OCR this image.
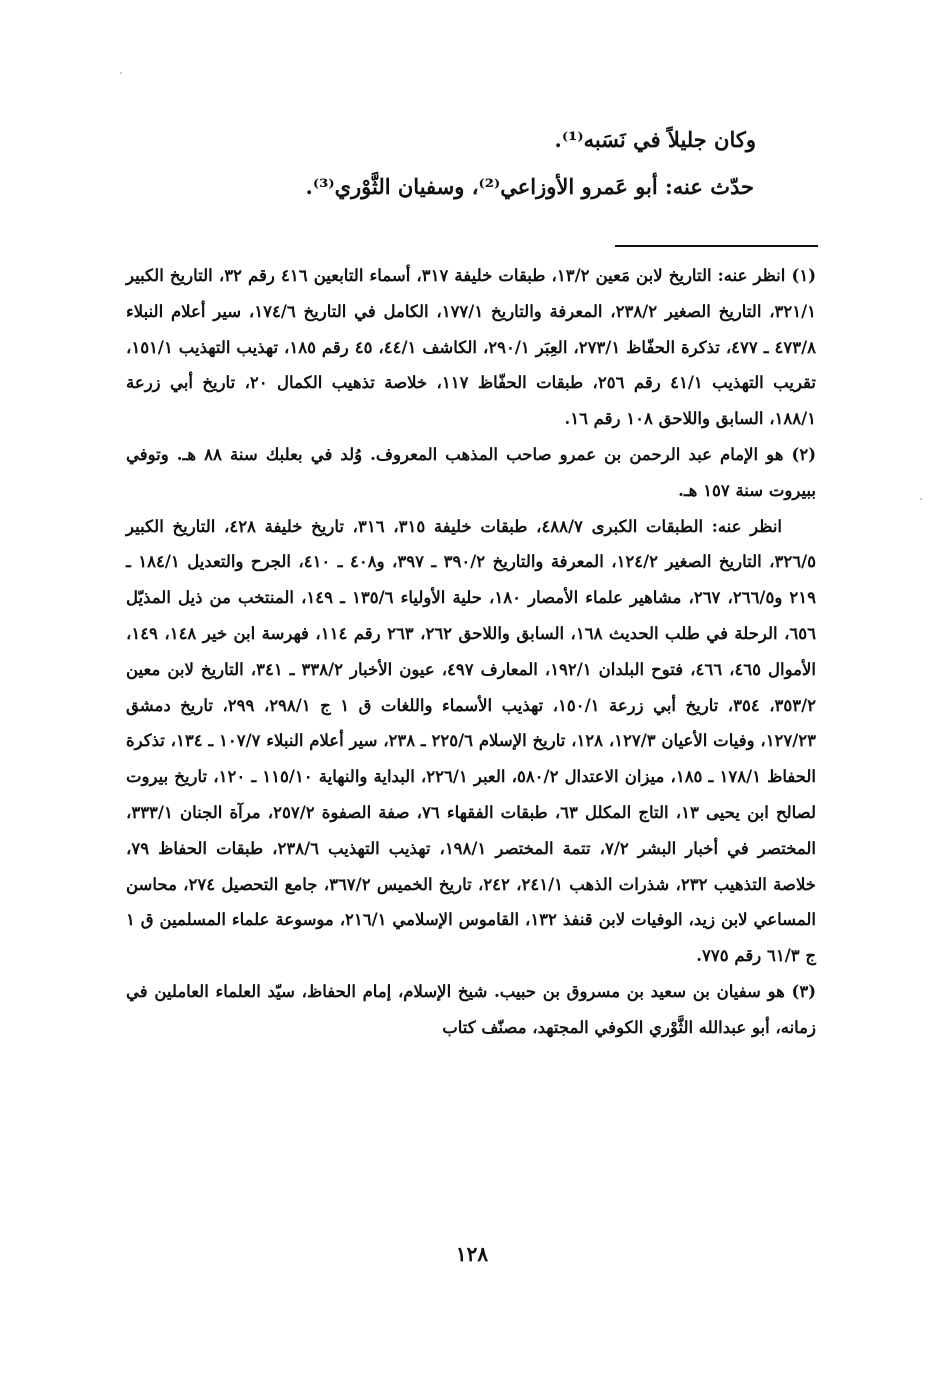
وكان جليلاً في نَسَبه⁽¹⁾.
حدّث عنه: أبو عَمرو الأوزاعي⁽²⁾، وسفيان الثَّوْري⁽³⁾.

(١) انظر عنه: التاريخ لابن مَعين ١٣/٢، طبقات خليفة ٣١٧، أسماء التابعين ٤١٦ رقم ٣٢، التاريخ الكبير ٣٢١/١، التاريخ الصغير ٢٣٨/٢، المعرفة والتاريخ ١٧٧/١، الكامل في التاريخ ١٧٤/٦، سير أعلام النبلاء ٤٧٣/٨ ـ ٤٧٧، تذكرة الحفّاظ ٢٧٣/١، العِبَر ٢٩٠/١، الكاشف ٤٤/١، ٤٥ رقم ١٨٥، تهذيب التهذيب ١٥١/١، تقريب التهذيب ٤١/١ رقم ٢٥٦، طبقات الحفّاظ ١١٧، خلاصة تذهيب الكمال ٢٠، تاريخ أبي زرعة ١٨٨/١، السابق واللاحق ١٠٨ رقم ١٦.

(٢) هو الإمام عبد الرحمن بن عمرو صاحب المذهب المعروف. وُلد في بعلبك سنة ٨٨ هـ. وتوفي ببيروت سنة ١٥٧ هـ.

انظر عنه: الطبقات الكبرى ٤٨٨/٧، طبقات خليفة ٣١٥، ٣١٦، تاريخ خليفة ٤٢٨، التاريخ الكبير ٣٢٦/٥، التاريخ الصغير ١٢٤/٢، المعرفة والتاريخ ٣٩٠/٢ ـ ٣٩٧، و٤٠٨ ـ ٤١٠، الجرح والتعديل ١٨٤/١ ـ ٢١٩ و٢٦٦/٥، ٢٦٧، مشاهير علماء الأمصار ١٨٠، حلية الأولياء ١٣٥/٦ ـ ١٤٩، المنتخب من ذيل المذيّل ٦٥٦، الرحلة في طلب الحديث ١٦٨، السابق واللاحق ٢٦٢، ٢٦٣ رقم ١١٤، فهرسة ابن خير ١٤٨، ١٤٩، الأموال ٤٦٥، ٤٦٦، فتوح البلدان ١٩٢/١، المعارف ٤٩٧، عيون الأخبار ٣٣٨/٢ ـ ٣٤١، التاريخ لابن معين ٣٥٣/٢، ٣٥٤، تاريخ أبي زرعة ١٥٠/١، تهذيب الأسماء واللغات ق ١ ج ٢٩٨/١، ٢٩٩، تاريخ دمشق ١٢٧/٢٣، وفيات الأعيان ١٢٧/٣، ١٢٨، تاريخ الإسلام ٢٢٥/٦ ـ ٢٣٨، سير أعلام النبلاء ١٠٧/٧ ـ ١٣٤، تذكرة الحفاظ ١٧٨/١ ـ ١٨٥، ميزان الاعتدال ٥٨٠/٢، العبر ٢٢٦/١، البداية والنهاية ١١٥/١٠ ـ ١٢٠، تاريخ بيروت لصالح ابن يحيى ١٣، التاج المكلل ٦٣، طبقات الفقهاء ٧٦، صفة الصفوة ٢٥٧/٢، مرآة الجنان ٣٣٣/١، المختصر في أخبار البشر ٧/٢، تتمة المختصر ١٩٨/١، تهذيب التهذيب ٢٣٨/٦، طبقات الحفاظ ٧٩، خلاصة التذهيب ٢٣٢، شذرات الذهب ٢٤١/١، ٢٤٢، تاريخ الخميس ٣٦٧/٢، جامع التحصيل ٢٧٤، محاسن المساعي لابن زيد، الوفيات لابن قنفذ ١٣٢، القاموس الإسلامي ٢١٦/١، موسوعة علماء المسلمين ق ١ ج ٦١/٣ رقم ٧٧٥.

(٣) هو سفيان بن سعيد بن مسروق بن حبيب. شيخ الإسلام، إمام الحفاظ، سيّد العلماء العاملين في زمانه، أبو عبدالله الثَّوْري الكوفي المجتهد، مصنّف كتاب

١٢٨
